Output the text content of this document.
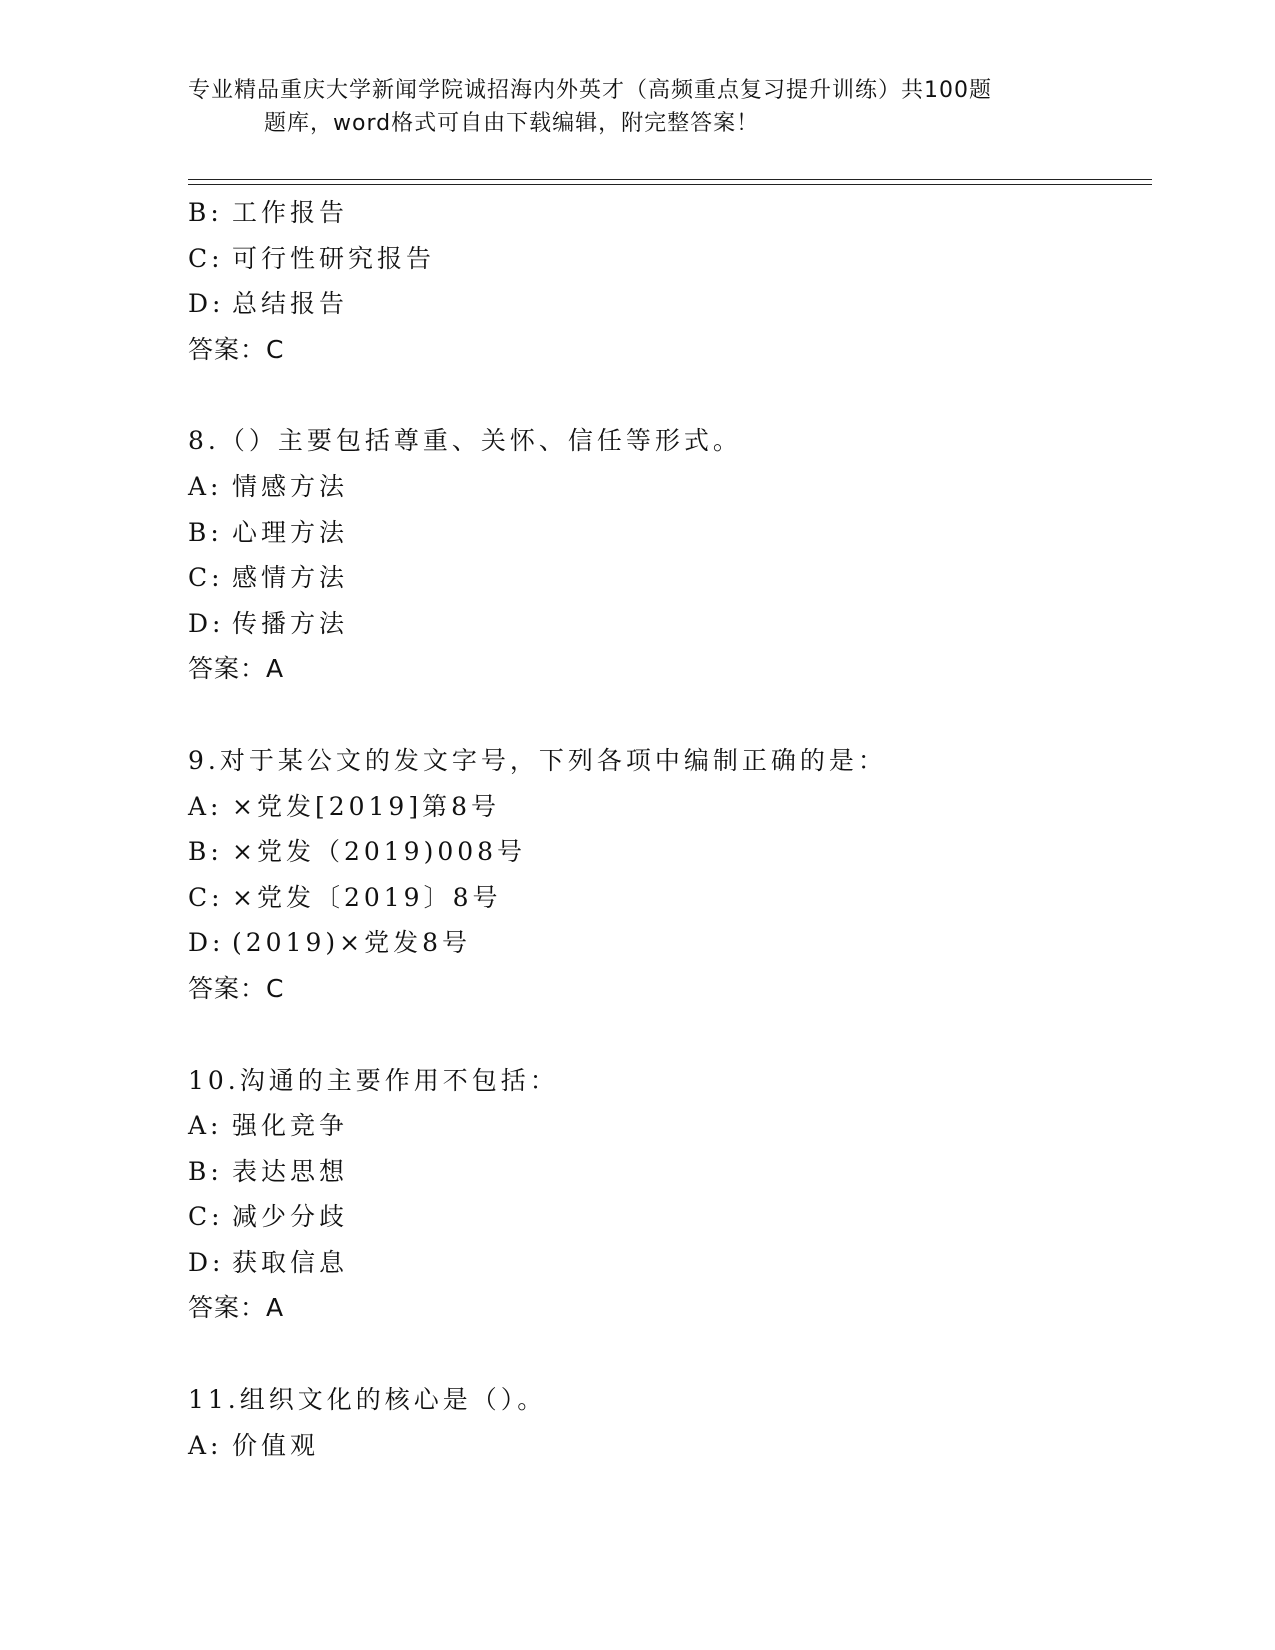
专业精品重庆大学新闻学院诚招海内外英才（高频重点复习提升训练）共100题
题库，word格式可自由下载编辑，附完整答案！
B: 工作报告
C: 可行性研究报告
D: 总结报告
答案：C
8.（）主要包括尊重、关怀、信任等形式。
A: 情感方法
B: 心理方法
C: 感情方法
D: 传播方法
答案：A
9.对于某公文的发文字号，下列各项中编制正确的是：
A: ×党发[2019]第8号
B: ×党发（2019)008号
C: ×党发〔2019〕8号
D: (2019)×党发8号
答案：C
10.沟通的主要作用不包括：
A: 强化竞争
B: 表达思想
C: 减少分歧
D: 获取信息
答案：A
11.组织文化的核心是（）。
A: 价值观
